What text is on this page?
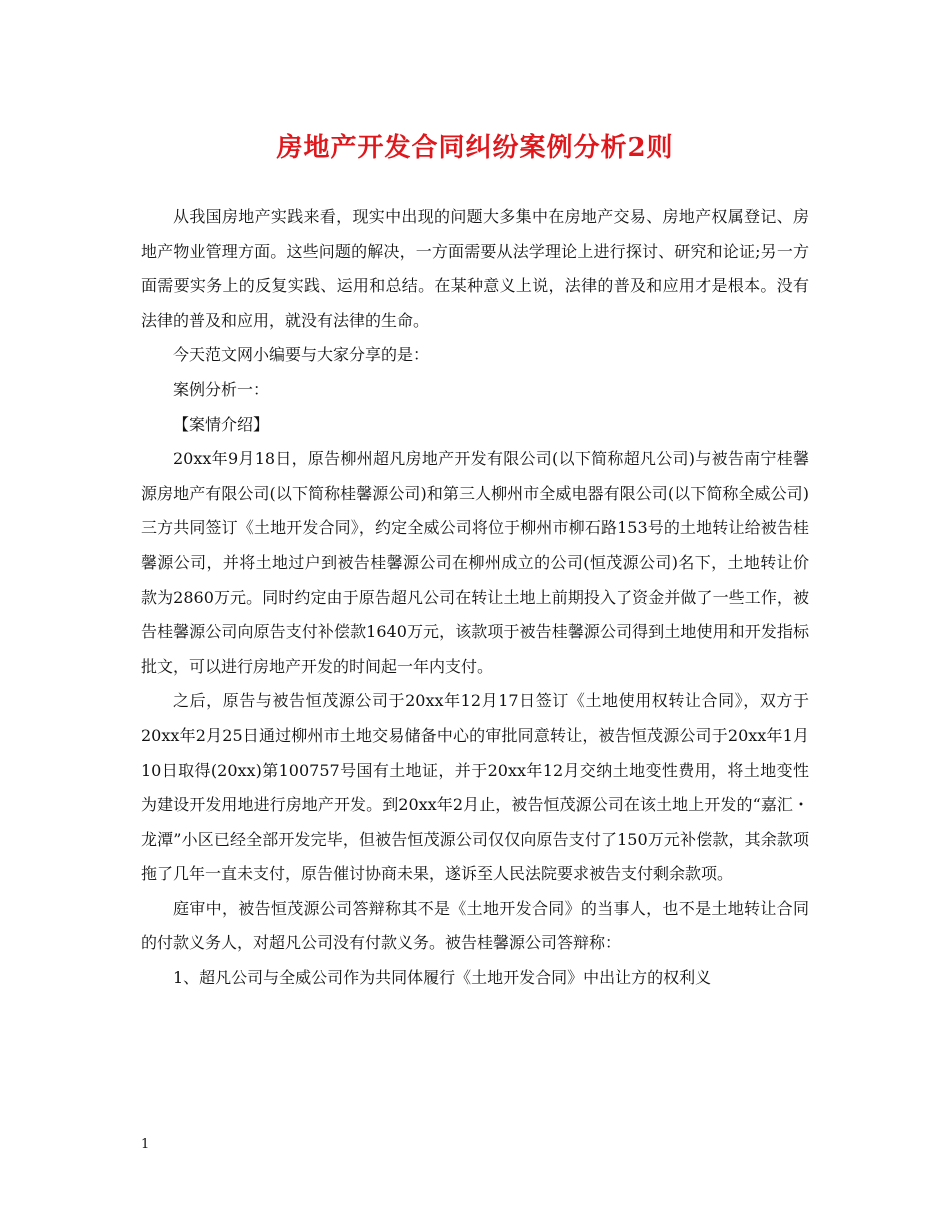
房地产开发合同纠纷案例分析2则

从我国房地产实践来看，现实中出现的问题大多集中在房地产交易、房地产权属登记、房地产物业管理方面。这些问题的解决，一方面需要从法学理论上进行探讨、研究和论证;另一方面需要实务上的反复实践、运用和总结。在某种意义上说，法律的普及和应用才是根本。没有法律的普及和应用，就没有法律的生命。

今天范文网小编要与大家分享的是：

案例分析一：

【案情介绍】

20xx年9月18日，原告柳州超凡房地产开发有限公司(以下简称超凡公司)与被告南宁桂馨源房地产有限公司(以下简称桂馨源公司)和第三人柳州市全威电器有限公司(以下简称全威公司)三方共同签订《土地开发合同》，约定全威公司将位于柳州市柳石路153号的土地转让给被告桂馨源公司，并将土地过户到被告桂馨源公司在柳州成立的公司(恒茂源公司)名下，土地转让价款为2860万元。同时约定由于原告超凡公司在转让土地上前期投入了资金并做了一些工作，被告桂馨源公司向原告支付补偿款1640万元，该款项于被告桂馨源公司得到土地使用和开发指标批文，可以进行房地产开发的时间起一年内支付。

之后，原告与被告恒茂源公司于20xx年12月17日签订《土地使用权转让合同》，双方于20xx年2月25日通过柳州市土地交易储备中心的审批同意转让，被告恒茂源公司于20xx年1月10日取得(20xx)第100757号国有土地证，并于20xx年12月交纳土地变性费用，将土地变性为建设开发用地进行房地产开发。到20xx年2月止，被告恒茂源公司在该土地上开发的“嘉汇・龙潭”小区已经全部开发完毕，但被告恒茂源公司仅仅向原告支付了150万元补偿款，其余款项拖了几年一直未支付，原告催讨协商未果，遂诉至人民法院要求被告支付剩余款项。

庭审中，被告恒茂源公司答辩称其不是《土地开发合同》的当事人，也不是土地转让合同的付款义务人，对超凡公司没有付款义务。被告桂馨源公司答辩称：

1、超凡公司与全威公司作为共同体履行《土地开发合同》中出让方的权利义

1
